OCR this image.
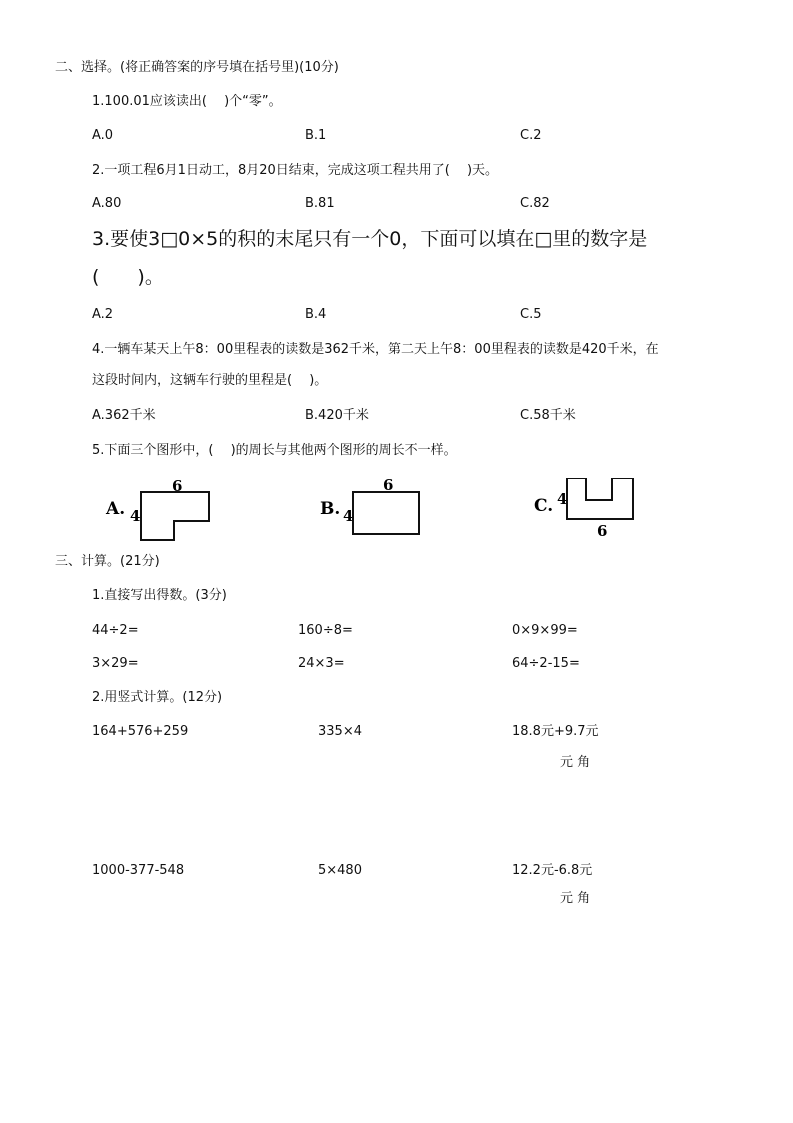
二、选择。(将正确答案的序号填在括号里)(10分)
1.100.01应该读出(　 )个“零”。
A.0	B.1	C.2
2.一项工程6月1日动工，8月20日结束，完成这项工程共用了(　 )天。
A.80	B.81	C.82
3.要使3□0×5的积的末尾只有一个0，下面可以填在□里的数字是
(　　)。
A.2	B.4	C.5
4.一辆车某天上午8：00里程表的读数是362千米，第二天上午8：00里程表的读数是420千米，在
这段时间内，这辆车行驶的里程是(　 )。
A.362千米	B.420千米	C.58千米
5.下面三个图形中，(　 )的周长与其他两个图形的周长不一样。
A. 4
6
B. 4
6
C. 4
6
三、计算。(21分)
1.直接写出得数。(3分)
44÷2=	160÷8=	0×9×99=
3×29=	24×3=	64÷2-15=
2.用竖式计算。(12分)
164+576+259	335×4	18.8元+9.7元
元 角
1000-377-548	5×480	12.2元-6.8元
元 角
